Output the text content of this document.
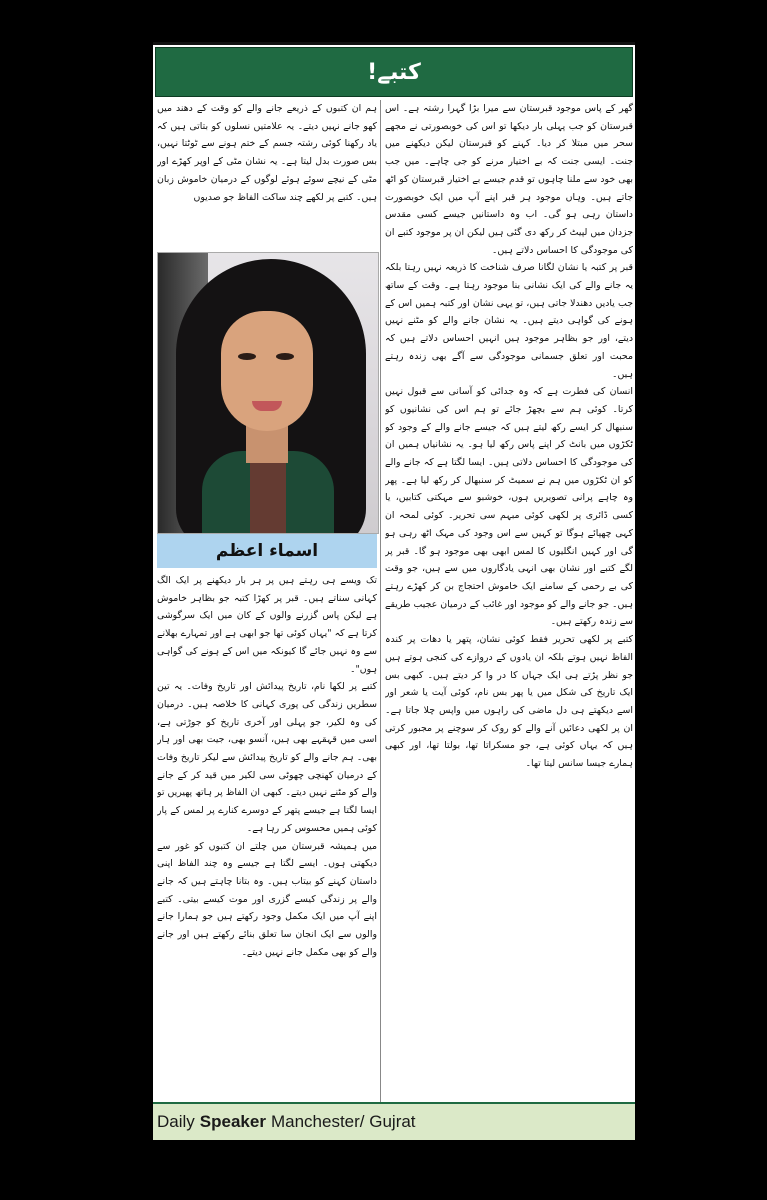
کتبے!

گھر کے پاس موجود قبرستان سے میرا بڑا گہرا رشتہ ہے۔ اس قبرستان کو جب پہلی بار دیکھا تو اس کی خوبصورتی نے مجھے سحر میں مبتلا کر دیا۔ کہنے کو قبرستان لیکن دیکھنے میں جنت۔ ایسی جنت کہ بے اختیار مرنے کو جی چاہے۔ میں جب بھی خود سے ملنا چاہوں تو قدم جیسے بے اختیار قبرستان کو اٹھ جاتے ہیں۔ وہاں موجود ہر قبر اپنے آپ میں ایک خوبصورت داستان رہی ہو گی۔ اب وہ داستانیں جیسے کسی مقدس جزدان میں لپیٹ کر رکھ دی گئی ہیں لیکن ان پر موجود کتبے ان کی موجودگی کا احساس دلاتے ہیں۔

قبر پر کتبہ یا نشان لگانا صرف شناخت کا ذریعہ نہیں رہتا بلکہ یہ جانے والے کی ایک نشانی بنا موجود رہتا ہے۔ وقت کے ساتھ جب یادیں دھندلا جاتی ہیں، تو یہی نشان اور کتبہ ہمیں اس کے ہونے کی گواہی دیتے ہیں۔ یہ نشان جانے والے کو مٹنے نہیں دیتے، اور جو بظاہر موجود ہیں انہیں احساس دلاتے ہیں کہ محبت اور تعلق جسمانی موجودگی سے آگے بھی زندہ رہتے ہیں۔

انسان کی فطرت ہے کہ وہ جدائی کو آسانی سے قبول نہیں کرتا۔ کوئی ہم سے بچھڑ جائے تو ہم اس کی نشانیوں کو سنبھال کر ایسے رکھ لیتے ہیں کہ جیسے جانے والے کے وجود کو ٹکڑوں میں بانٹ کر اپنے پاس رکھ لیا ہو۔ یہ نشانیاں ہمیں ان کی موجودگی کا احساس دلاتی ہیں۔ ایسا لگتا ہے کہ جانے والے کو ان ٹکڑوں میں ہم نے سمیٹ کر سنبھال کر رکھ لیا ہے۔ پھر وہ چاہے پرانی تصویریں ہوں، خوشبو سے مہکتی کتابیں، یا کسی ڈائری پر لکھی کوئی مبہم سی تحریر۔ کوئی لمحہ ان کہی چھپائے ہوگا تو کہیں سے اس وجود کی مہک اٹھ رہی ہو گی اور کہیں انگلیوں کا لمس ابھی بھی موجود ہو گا۔ قبر پر لگے کتبے اور نشان بھی انہی یادگاروں میں سے ہیں، جو وقت کی بے رحمی کے سامنے ایک خاموش احتجاج بن کر کھڑے رہتے ہیں۔ جو جانے والے کو موجود اور غائب کے درمیان عجیب طریقے سے زندہ رکھتے ہیں۔

کتبے پر لکھی تحریر فقط کوئی نشان، پتھر یا دھات پر کندہ الفاظ نہیں ہوتے بلکہ ان یادوں کے دروازے کی کنجی ہوتے ہیں جو نظر پڑتے ہی ایک جہاں کا در وا کر دیتے ہیں۔ کبھی بس ایک تاریخ کی شکل میں یا پھر بس نام، کوئی آیت یا شعر اور اسے دیکھتے ہی دل ماضی کی راہوں میں واپس چلا جاتا ہے۔ ان پر لکھی دعائیں آنے والے کو روک کر سوچنے پر مجبور کرتی ہیں کہ یہاں کوئی ہے، جو مسکراتا تھا، بولتا تھا، اور کبھی ہمارے جیسا سانس لیتا تھا۔

ہم ان کتبوں کے ذریعے جانے والے کو وقت کے دھند میں کھو جانے نہیں دیتے۔ یہ علامتیں نسلوں کو بتاتی ہیں کہ یاد رکھنا کوئی رشتہ جسم کے ختم ہونے سے ٹوٹتا نہیں، بس صورت بدل لیتا ہے۔ یہ نشان مٹی کے اوپر کھڑے اور مٹی کے نیچے سوئے ہوئے لوگوں کے درمیان خاموش زبان ہیں۔ کتبے پر لکھے چند ساکت الفاظ جو صدیوں

اسماء اعظم

تک ویسے ہی رہتے ہیں پر ہر بار دیکھنے پر ایک الگ کہانی سناتے ہیں۔ قبر پر کھڑا کتبہ جو بظاہر خاموش ہے لیکن پاس گزرنے والوں کے کان میں ایک سرگوشی کرتا ہے کہ "یہاں کوئی تھا جو ابھی ہے اور تمہارے بھلانے سے وہ نہیں جائے گا کیونکہ میں اس کے ہونے کی گواہی ہوں"۔

کتبے پر لکھا نام، تاریخ پیدائش اور تاریخ وفات۔ یہ تین سطریں زندگی کی پوری کہانی کا خلاصہ ہیں۔ درمیان کی وہ لکیر، جو پہلی اور آخری تاریخ کو جوڑتی ہے، اسی میں قہقہے بھی ہیں، آنسو بھی، جیت بھی اور ہار بھی۔ ہم جانے والے کو تاریخ پیدائش سے لیکر تاریخ وفات کے درمیان کھنچی چھوٹی سی لکیر میں قید کر کے جانے والے کو مٹنے نہیں دیتے۔ کبھی ان الفاظ پر ہاتھ پھیریں تو ایسا لگتا ہے جیسے پتھر کے دوسرے کنارے پر لمس کے پار کوئی ہمیں محسوس کر رہا ہے۔

میں ہمیشہ قبرستان میں چلتے ان کتبوں کو غور سے دیکھتی ہوں۔ ایسے لگتا ہے جیسے وہ چند الفاظ اپنی داستان کہنے کو بیتاب ہیں۔ وہ بتانا چاہتے ہیں کہ جانے والے پر زندگی کیسے گزری اور موت کیسے بیتی۔ کتبے اپنے آپ میں ایک مکمل وجود رکھتے ہیں جو ہمارا جانے والوں سے ایک انجان سا تعلق بنائے رکھتے ہیں اور جانے والے کو بھی مکمل جانے نہیں دیتے۔

Daily Speaker Manchester/ Gujrat
